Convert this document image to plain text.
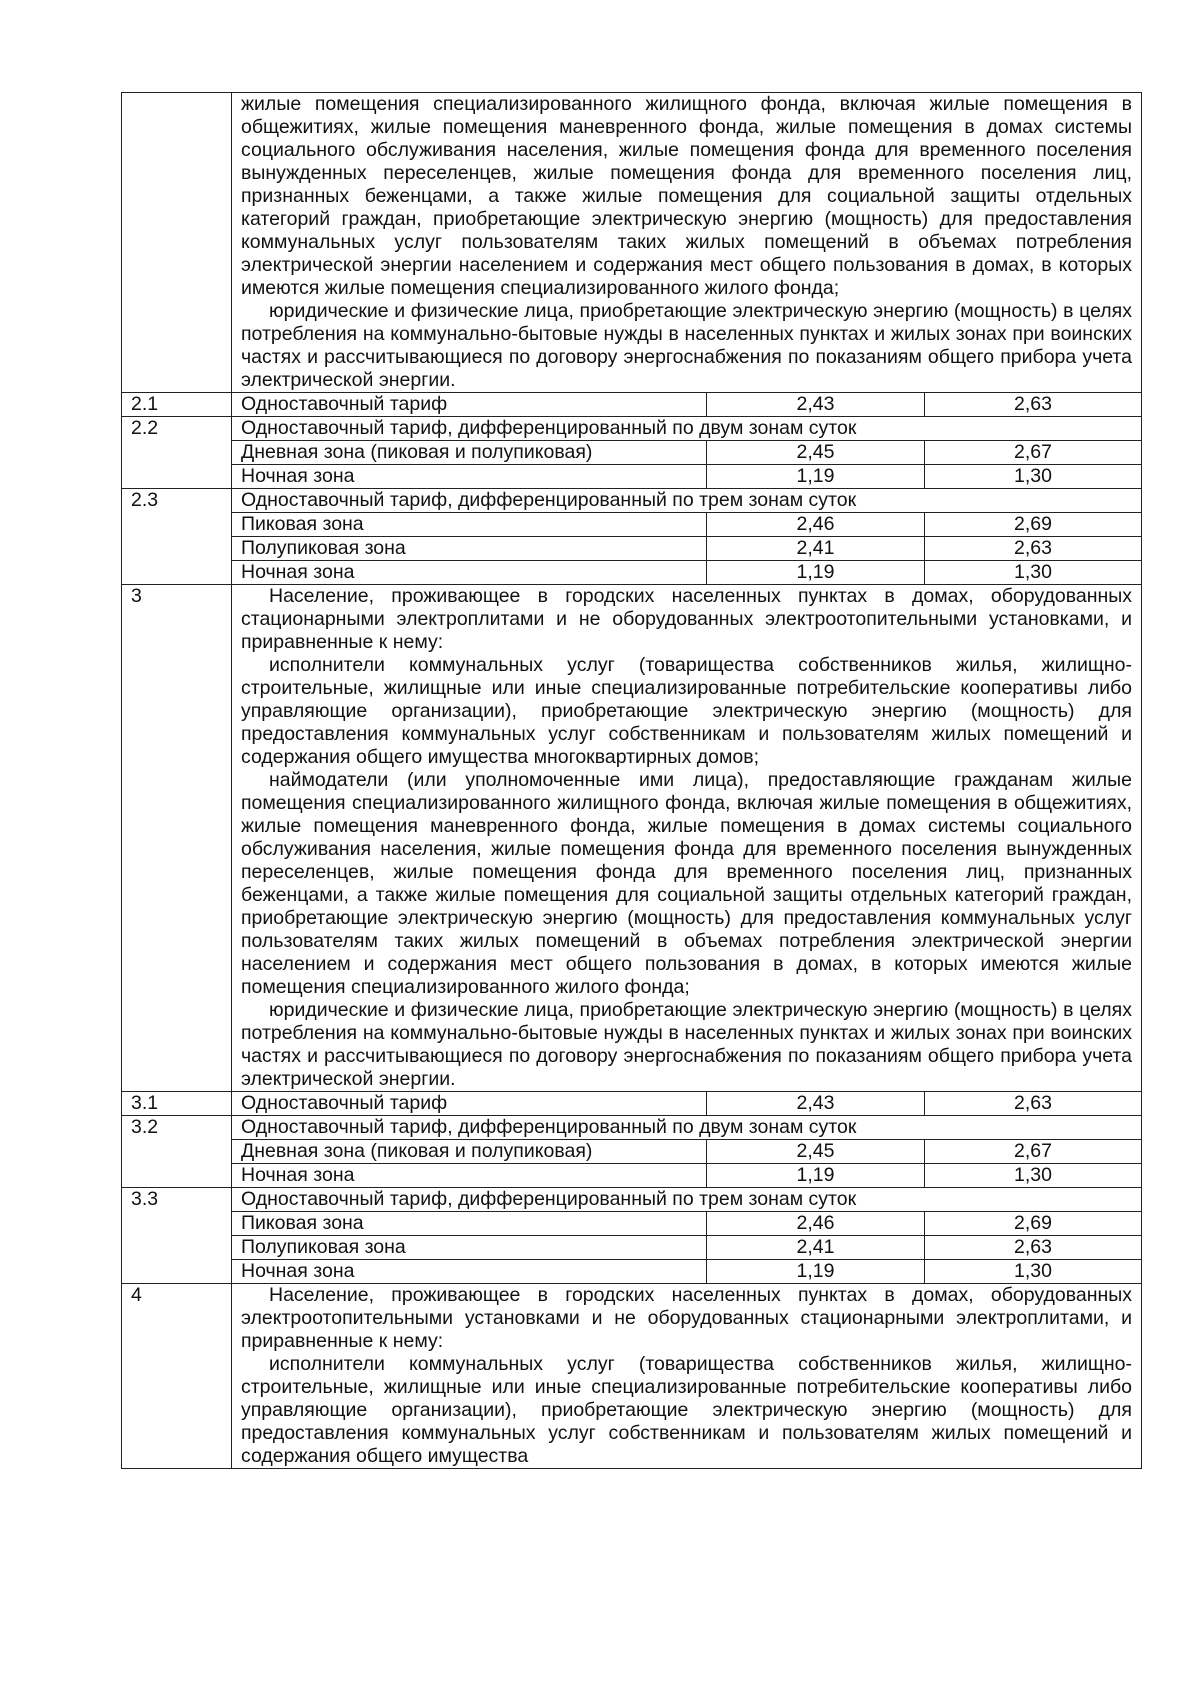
	жилые помещения специализированного жилищного фонда, включая жилые помещения в общежитиях, жилые помещения маневренного фонда, жилые помещения в домах системы социального обслуживания населения, жилые помещения фонда для временного поселения вынужденных переселенцев, жилые помещения фонда для временного поселения лиц, признанных беженцами, а также жилые помещения для социальной защиты отдельных категорий граждан, приобретающие электрическую энергию (мощность) для предоставления коммунальных услуг пользователям таких жилых помещений в объемах потребления электрической энергии населением и содержания мест общего пользования в домах, в которых имеются жилые помещения специализированного жилого фонда;
юридические и физические лица, приобретающие электрическую энергию (мощность) в целях потребления на коммунально-бытовые нужды в населенных пунктах и жилых зонах при воинских частях и рассчитывающиеся по договору энергоснабжения по показаниям общего прибора учета электрической энергии.		

2.1	Одноставочный тариф	2,43	2,63
2.2	Одноставочный тариф, дифференцированный по двум зонам суток		
	Дневная зона (пиковая и полупиковая)	2,45	2,67
	Ночная зона	1,19	1,30
2.3	Одноставочный тариф, дифференцированный по трем зонам суток		
	Пиковая зона	2,46	2,69
	Полупиковая зона	2,41	2,63
	Ночная зона	1,19	1,30
3	Население, проживающее в городских населенных пунктах в домах, оборудованных стационарными электроплитами и не оборудованных электроотопительными установками, и приравненные к нему:
исполнители коммунальных услуг (товарищества собственников жилья, жилищно-строительные, жилищные или иные специализированные потребительские кооперативы либо управляющие организации), приобретающие электрическую энергию (мощность) для предоставления коммунальных услуг собственникам и пользователям жилых помещений и содержания общего имущества многоквартирных домов;
наймодатели (или уполномоченные ими лица), предоставляющие гражданам жилые помещения специализированного жилищного фонда, включая жилые помещения в общежитиях, жилые помещения маневренного фонда, жилые помещения в домах системы социального обслуживания населения, жилые помещения фонда для временного поселения вынужденных переселенцев, жилые помещения фонда для временного поселения лиц, признанных беженцами, а также жилые помещения для социальной защиты отдельных категорий граждан, приобретающие электрическую энергию (мощность) для предоставления коммунальных услуг пользователям таких жилых помещений в объемах потребления электрической энергии населением и содержания мест общего пользования в домах, в которых имеются жилые помещения специализированного жилого фонда;
юридические и физические лица, приобретающие электрическую энергию (мощность) в целях потребления на коммунально-бытовые нужды в населенных пунктах и жилых зонах при воинских частях и рассчитывающиеся по договору энергоснабжения по показаниям общего прибора учета электрической энергии.		

3.1	Одноставочный тариф	2,43	2,63
3.2	Одноставочный тариф, дифференцированный по двум зонам суток		
	Дневная зона (пиковая и полупиковая)	2,45	2,67
	Ночная зона	1,19	1,30
3.3	Одноставочный тариф, дифференцированный по трем зонам суток		
	Пиковая зона	2,46	2,69
	Полупиковая зона	2,41	2,63
	Ночная зона	1,19	1,30
4	Население, проживающее в городских населенных пунктах в домах, оборудованных электроотопительными установками и не оборудованных стационарными электроплитами, и приравненные к нему:
исполнители коммунальных услуг (товарищества собственников жилья, жилищно-строительные, жилищные или иные специализированные потребительские кооперативы либо управляющие организации), приобретающие электрическую энергию (мощность) для предоставления коммунальных услуг собственникам и пользователям жилых помещений и содержания общего имущества		
